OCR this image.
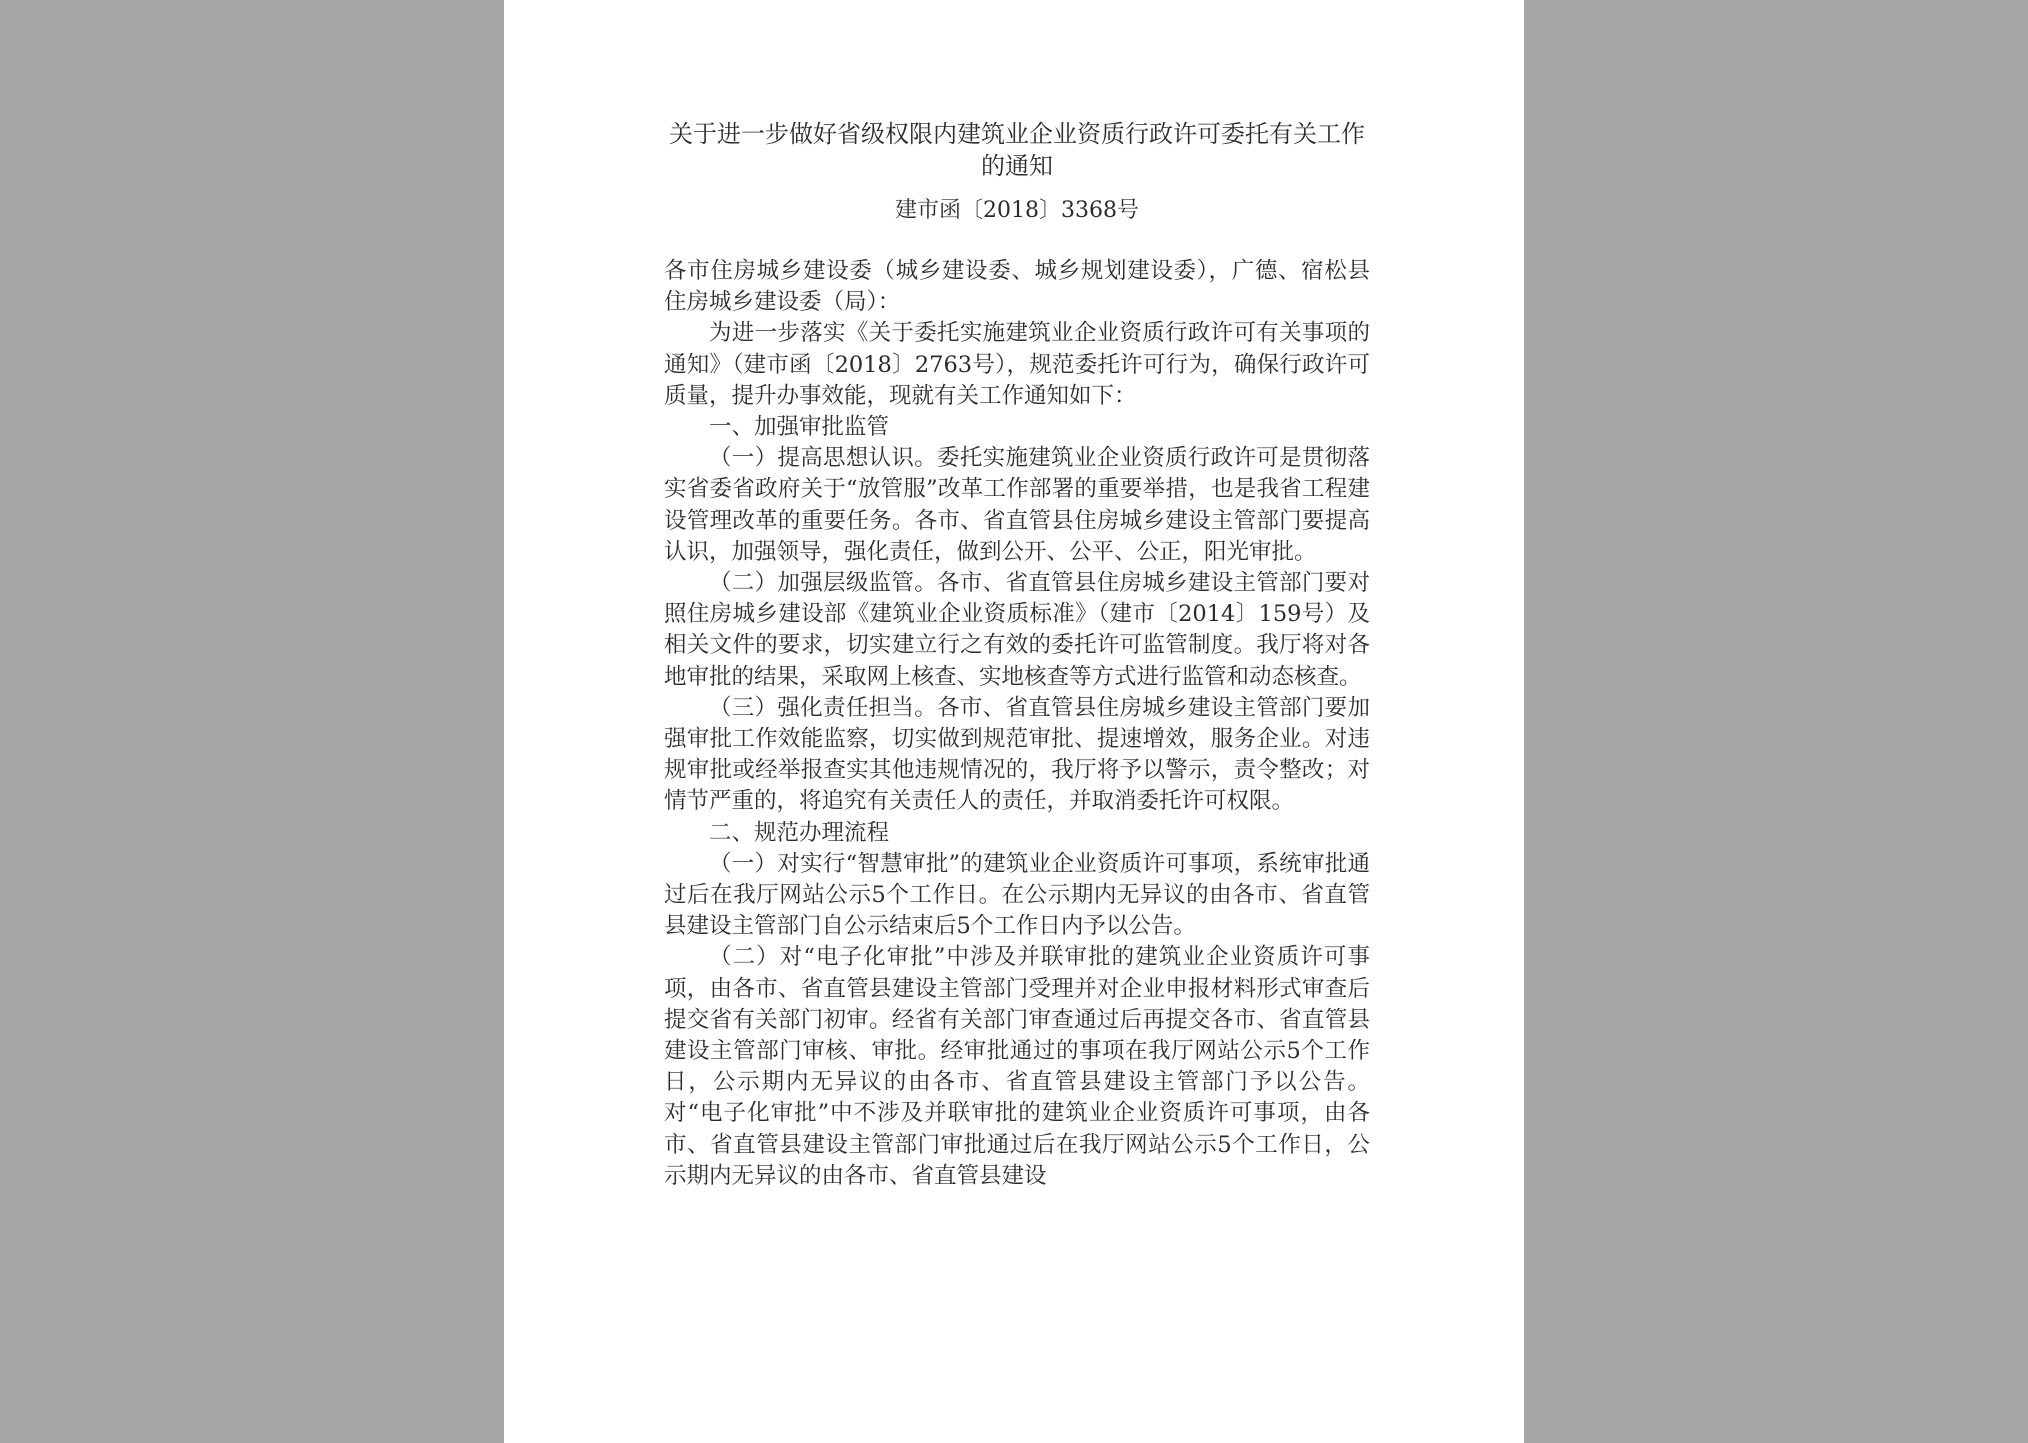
关于进一步做好省级权限内建筑业企业资质行政许可委托有关工作的通知
建市函〔2018〕3368号

各市住房城乡建设委（城乡建设委、城乡规划建设委），广德、宿松县住房城乡建设委（局）：

为进一步落实《关于委托实施建筑业企业资质行政许可有关事项的通知》（建市函〔2018〕2763号），规范委托许可行为，确保行政许可质量，提升办事效能，现就有关工作通知如下：

一、加强审批监管

（一）提高思想认识。委托实施建筑业企业资质行政许可是贯彻落实省委省政府关于“放管服”改革工作部署的重要举措，也是我省工程建设管理改革的重要任务。各市、省直管县住房城乡建设主管部门要提高认识，加强领导，强化责任，做到公开、公平、公正，阳光审批。

（二）加强层级监管。各市、省直管县住房城乡建设主管部门要对照住房城乡建设部《建筑业企业资质标准》（建市〔2014〕159号）及相关文件的要求，切实建立行之有效的委托许可监管制度。我厅将对各地审批的结果，采取网上核查、实地核查等方式进行监管和动态核查。

（三）强化责任担当。各市、省直管县住房城乡建设主管部门要加强审批工作效能监察，切实做到规范审批、提速增效，服务企业。对违规审批或经举报查实其他违规情况的，我厅将予以警示，责令整改；对情节严重的，将追究有关责任人的责任，并取消委托许可权限。

二、规范办理流程

（一）对实行“智慧审批”的建筑业企业资质许可事项，系统审批通过后在我厅网站公示5个工作日。在公示期内无异议的由各市、省直管县建设主管部门自公示结束后5个工作日内予以公告。

（二）对“电子化审批”中涉及并联审批的建筑业企业资质许可事项，由各市、省直管县建设主管部门受理并对企业申报材料形式审查后提交省有关部门初审。经省有关部门审查通过后再提交各市、省直管县建设主管部门审核、审批。经审批通过的事项在我厅网站公示5个工作日，公示期内无异议的由各市、省直管县建设主管部门予以公告。对“电子化审批”中不涉及并联审批的建筑业企业资质许可事项，由各市、省直管县建设主管部门审批通过后在我厅网站公示5个工作日，公示期内无异议的由各市、省直管县建设
